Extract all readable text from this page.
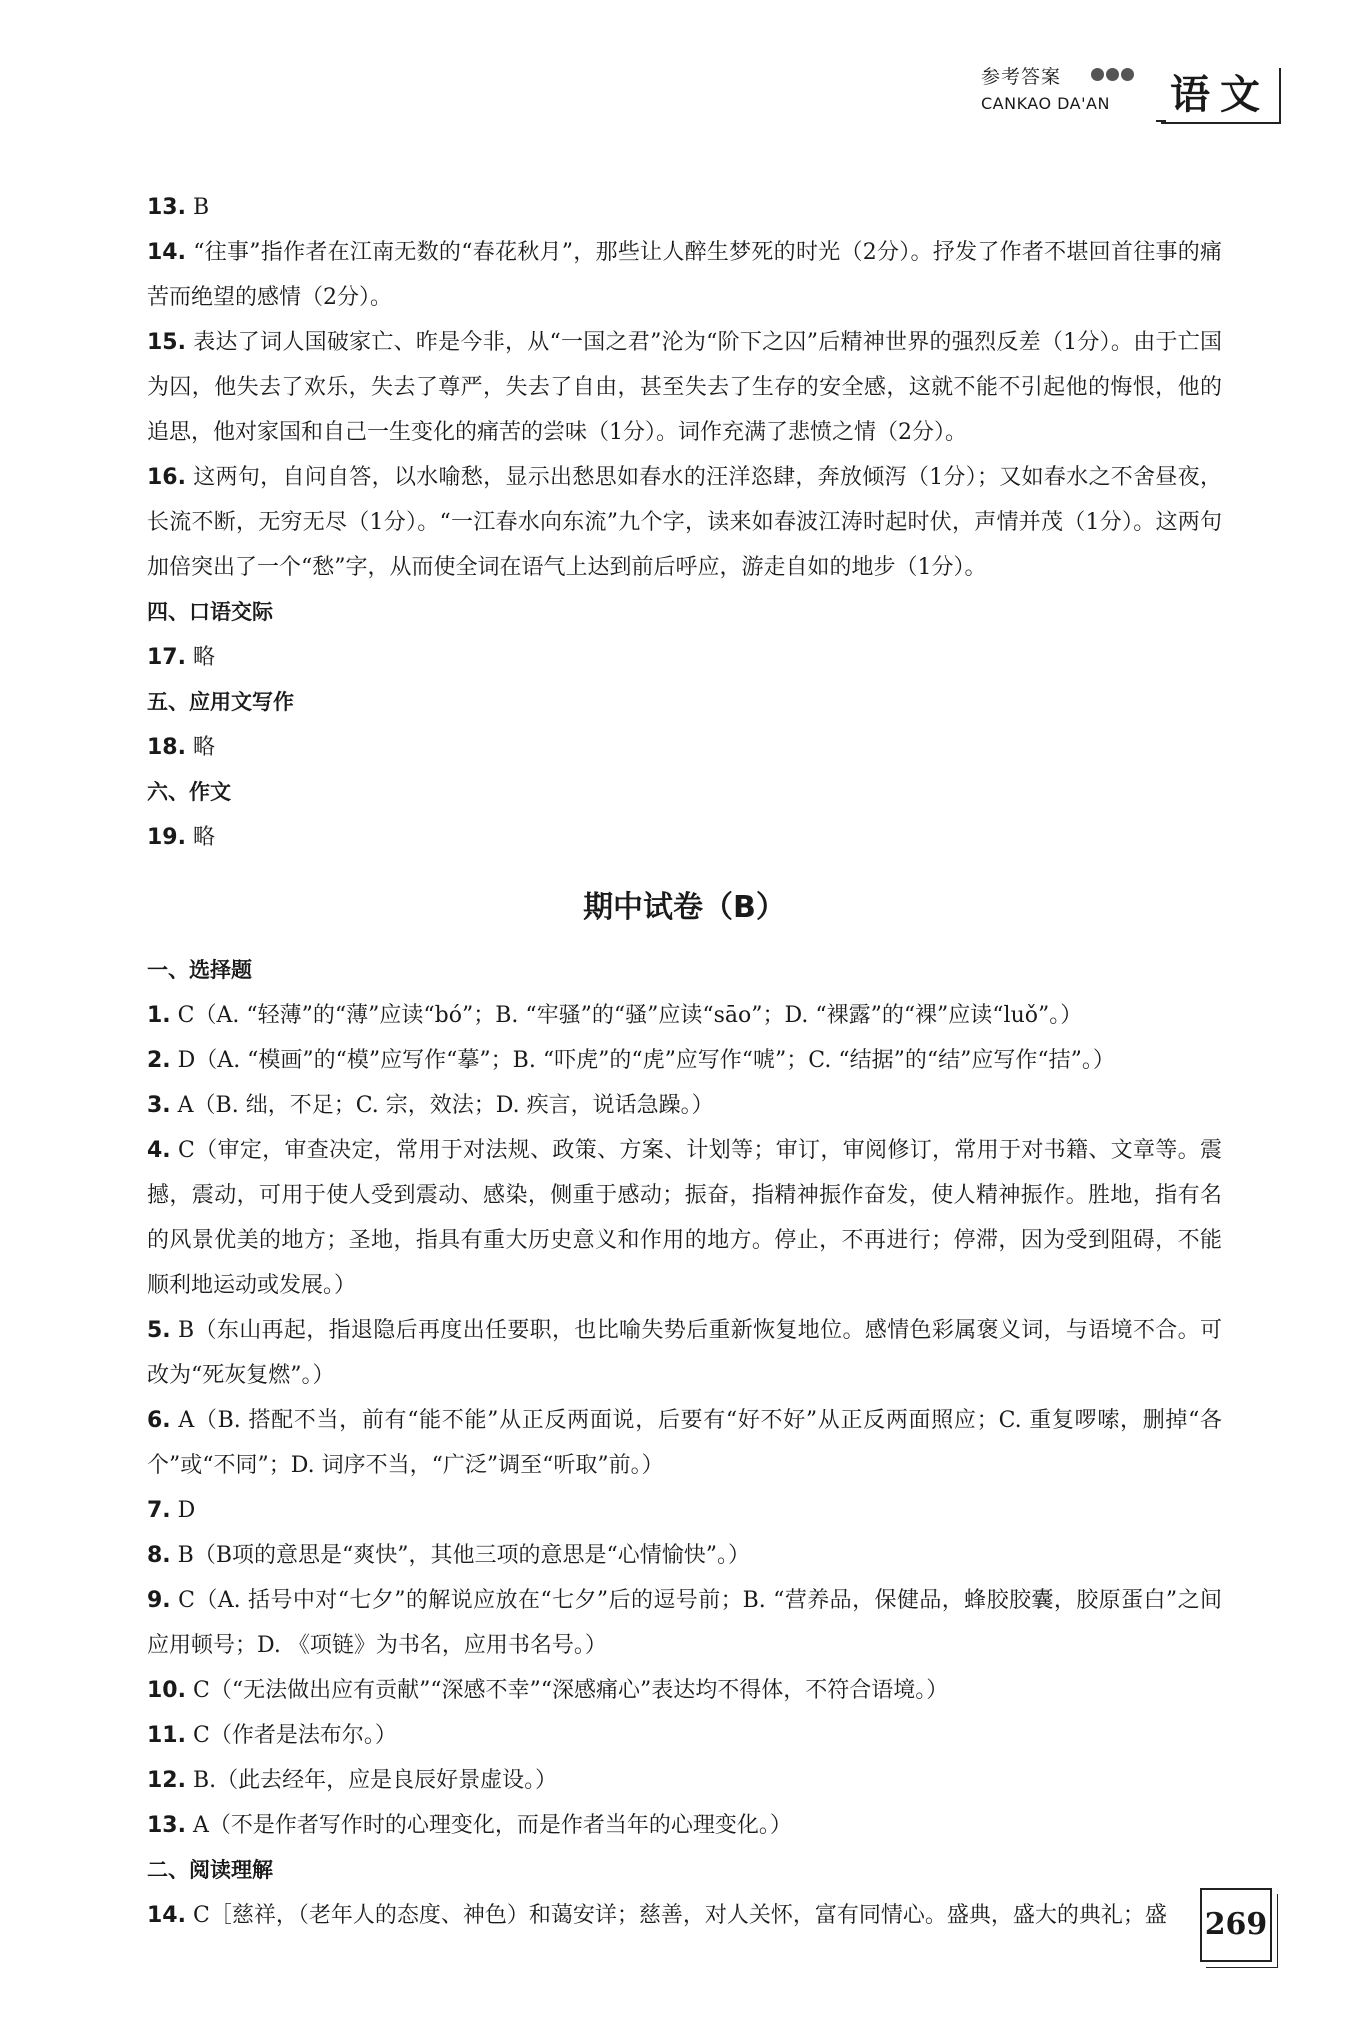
参考答案
CANKAO DA'AN 语文

13. B

14. “往事”指作者在江南无数的“春花秋月”，那些让人醉生梦死的时光（2分）。抒发了作者不堪回首往事的痛苦而绝望的感情（2分）。

15. 表达了词人国破家亡、昨是今非，从“一国之君”沦为“阶下之囚”后精神世界的强烈反差（1分）。由于亡国为囚，他失去了欢乐，失去了尊严，失去了自由，甚至失去了生存的安全感，这就不能不引起他的悔恨，他的追思，他对家国和自己一生变化的痛苦的尝味（1分）。词作充满了悲愤之情（2分）。

16. 这两句，自问自答，以水喻愁，显示出愁思如春水的汪洋恣肆，奔放倾泻（1分）；又如春水之不舍昼夜，长流不断，无穷无尽（1分）。“一江春水向东流”九个字，读来如春波江涛时起时伏，声情并茂（1分）。这两句加倍突出了一个“愁”字，从而使全词在语气上达到前后呼应，游走自如的地步（1分）。

四、口语交际

17. 略

五、应用文写作

18. 略

六、作文

19. 略

期中试卷（B）

一、选择题

1. C（A. “轻薄”的“薄”应读“bó”；B. “牢骚”的“骚”应读“sāo”；D. “裸露”的“裸”应读“luǒ”。）

2. D（A. “模画”的“模”应写作“摹”；B. “吓虎”的“虎”应写作“唬”；C. “结据”的“结”应写作“拮”。）

3. A（B. 绌，不足；C. 宗，效法；D. 疾言，说话急躁。）

4. C（审定，审查决定，常用于对法规、政策、方案、计划等；审订，审阅修订，常用于对书籍、文章等。震撼，震动，可用于使人受到震动、感染，侧重于感动；振奋，指精神振作奋发，使人精神振作。胜地，指有名的风景优美的地方；圣地，指具有重大历史意义和作用的地方。停止，不再进行；停滞，因为受到阻碍，不能顺利地运动或发展。）

5. B（东山再起，指退隐后再度出任要职，也比喻失势后重新恢复地位。感情色彩属褒义词，与语境不合。可改为“死灰复燃”。）

6. A（B. 搭配不当，前有“能不能”从正反两面说，后要有“好不好”从正反两面照应；C. 重复啰嗦，删掉“各个”或“不同”；D. 词序不当，“广泛”调至“听取”前。）

7. D

8. B（B项的意思是“爽快”，其他三项的意思是“心情愉快”。）

9. C（A. 括号中对“七夕”的解说应放在“七夕”后的逗号前；B. “营养品，保健品，蜂胶胶囊，胶原蛋白”之间应用顿号；D. 《项链》为书名，应用书名号。）

10. C（“无法做出应有贡献”“深感不幸”“深感痛心”表达均不得体，不符合语境。）

11. C（作者是法布尔。）

12. B.（此去经年，应是良辰好景虚设。）

13. A（不是作者写作时的心理变化，而是作者当年的心理变化。）

二、阅读理解

14. C［慈祥，（老年人的态度、神色）和蔼安详；慈善，对人关怀，富有同情心。盛典，盛大的典礼；盛	269
